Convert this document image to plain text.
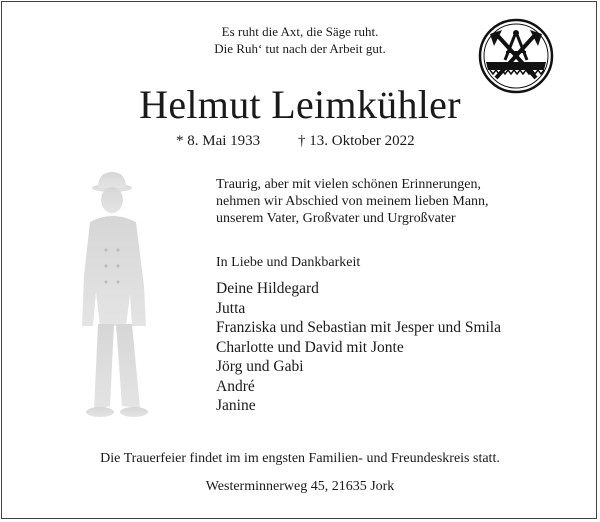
Es ruht die Axt, die Säge ruht.
Die Ruh‘ tut nach der Arbeit gut.
Helmut Leimkühler
* 8. Mai 1933	† 13. Oktober 2022
Traurig, aber mit vielen schönen Erinnerungen,
nehmen wir Abschied von meinem lieben Mann,
unserem Vater, Großvater und Urgroßvater
In Liebe und Dankbarkeit
Deine Hildegard
Jutta
Franziska und Sebastian mit Jesper und Smila
Charlotte und David mit Jonte
Jörg und Gabi
André
Janine
Die Trauerfeier findet im im engsten Familien- und Freundeskreis statt.
Westerminnerweg 45, 21635 Jork
